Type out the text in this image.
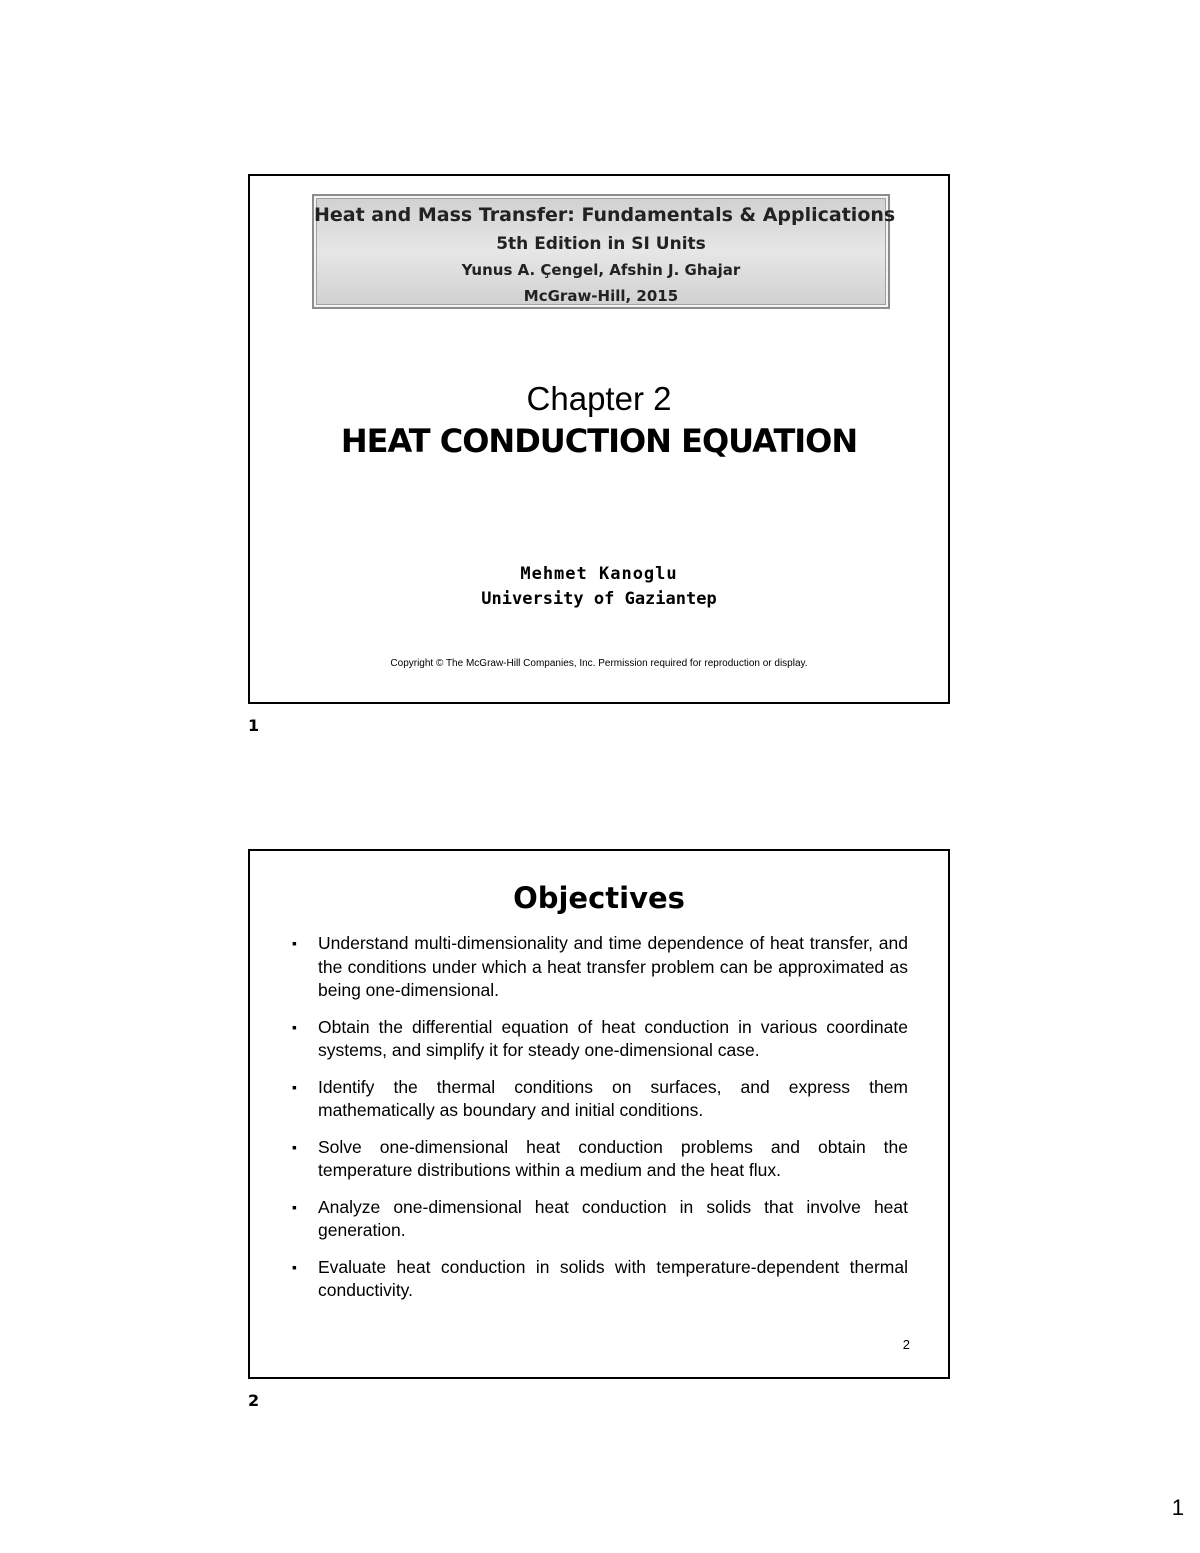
Heat and Mass Transfer: Fundamentals & Applications
5th Edition in SI Units
Yunus A. Çengel, Afshin J. Ghajar
McGraw-Hill, 2015
Chapter 2
HEAT CONDUCTION EQUATION
Mehmet Kanoglu
University of Gaziantep
Copyright © The McGraw-Hill Companies, Inc. Permission required for reproduction or display.
1
Objectives
▪ Understand multi-dimensionality and time dependence of heat transfer, and the conditions under which a heat transfer problem can be approximated as being one-dimensional.
▪ Obtain the differential equation of heat conduction in various coordinate systems, and simplify it for steady one-dimensional case.
▪ Identify the thermal conditions on surfaces, and express them mathematically as boundary and initial conditions.
▪ Solve one-dimensional heat conduction problems and obtain the temperature distributions within a medium and the heat flux.
▪ Analyze one-dimensional heat conduction in solids that involve heat generation.
▪ Evaluate heat conduction in solids with temperature-dependent thermal conductivity.
2
2
1
